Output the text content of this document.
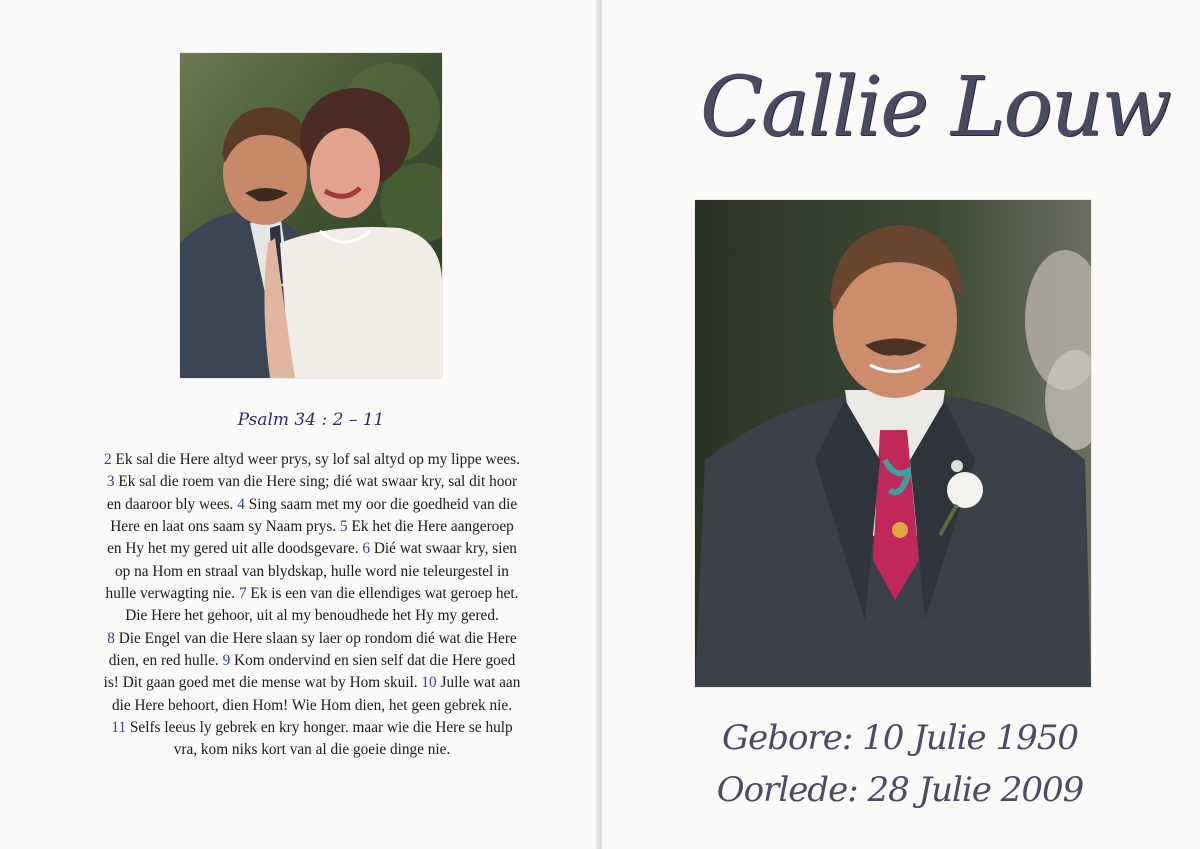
Psalm 34 : 2 – 11
2 Ek sal die Here altyd weer prys, sy lof sal altyd op my lippe wees.
3 Ek sal die roem van die Here sing; dié wat swaar kry, sal dit hoor
en daaroor bly wees. 4 Sing saam met my oor die goedheid van die
Here en laat ons saam sy Naam prys. 5 Ek het die Here aangeroep
en Hy het my gered uit alle doodsgevare. 6 Dié wat swaar kry, sien
op na Hom en straal van blydskap, hulle word nie teleurgestel in
hulle verwagting nie. 7 Ek is een van die ellendiges wat geroep het.
Die Here het gehoor, uit al my benoudhede het Hy my gered.
8 Die Engel van die Here slaan sy laer op rondom dié wat die Here
dien, en red hulle. 9 Kom ondervind en sien self dat die Here goed
is! Dit gaan goed met die mense wat by Hom skuil. 10 Julle wat aan
die Here behoort, dien Hom! Wie Hom dien, het geen gebrek nie.
11 Selfs leeus ly gebrek en kry honger. maar wie die Here se hulp
vra, kom niks kort van al die goeie dinge nie.
Callie Louw
Gebore: 10 Julie 1950
Oorlede: 28 Julie 2009
